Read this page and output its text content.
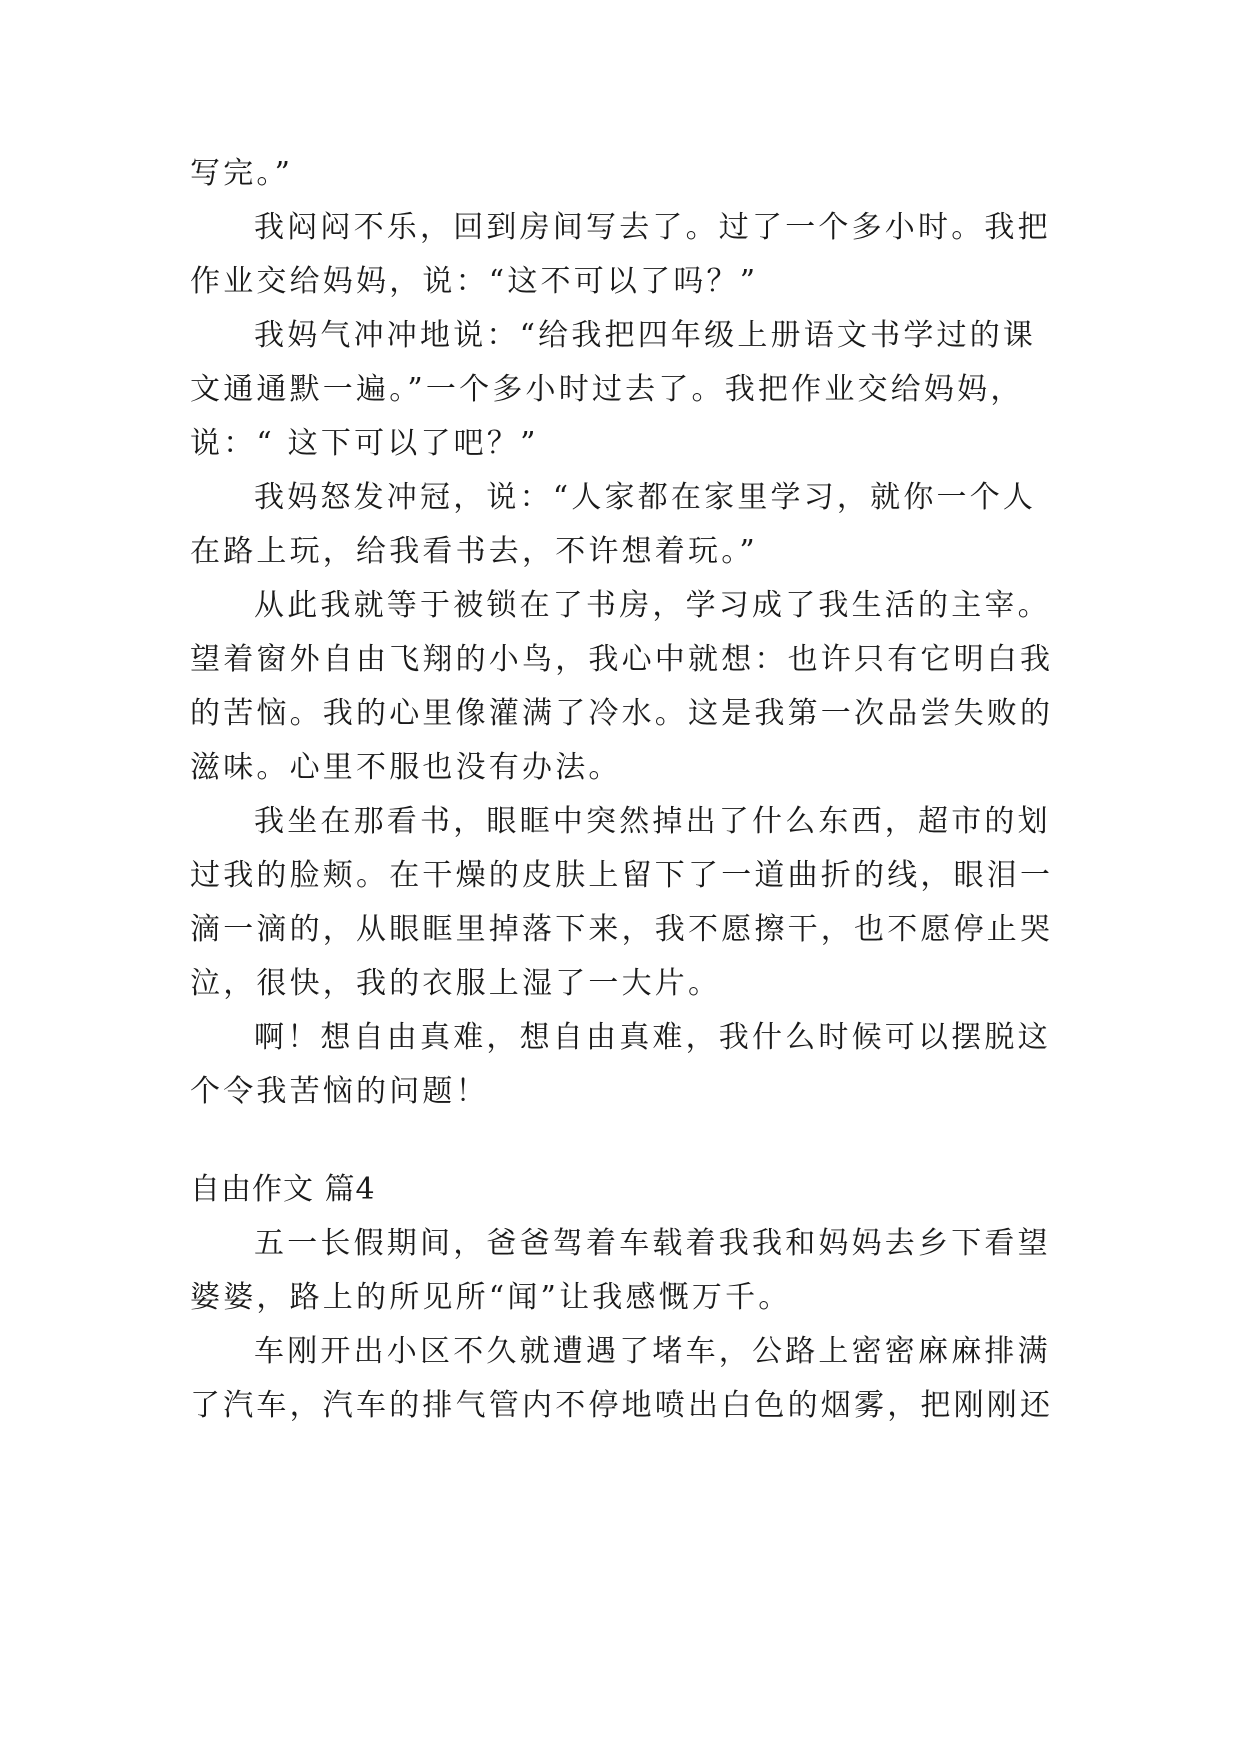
写完。”
我闷闷不乐，回到房间写去了。过了一个多小时。我把
作业交给妈妈，说：“这不可以了吗？”
我妈气冲冲地说：“给我把四年级上册语文书学过的课
文通通默一遍。”一个多小时过去了。我把作业交给妈妈，
说：“ 这下可以了吧？”
我妈怒发冲冠，说：“人家都在家里学习，就你一个人
在路上玩，给我看书去，不许想着玩。”
从此我就等于被锁在了书房，学习成了我生活的主宰。
望着窗外自由飞翔的小鸟，我心中就想：也许只有它明白我
的苦恼。我的心里像灌满了冷水。这是我第一次品尝失败的
滋味。心里不服也没有办法。
我坐在那看书，眼眶中突然掉出了什么东西，超市的划
过我的脸颊。在干燥的皮肤上留下了一道曲折的线，眼泪一
滴一滴的，从眼眶里掉落下来，我不愿擦干，也不愿停止哭
泣，很快，我的衣服上湿了一大片。
啊！想自由真难，想自由真难，我什么时候可以摆脱这
个令我苦恼的问题！
自由作文 篇4
五一长假期间，爸爸驾着车载着我我和妈妈去乡下看望
婆婆，路上的所见所“闻”让我感慨万千。
车刚开出小区不久就遭遇了堵车，公路上密密麻麻排满
了汽车，汽车的排气管内不停地喷出白色的烟雾，把刚刚还
